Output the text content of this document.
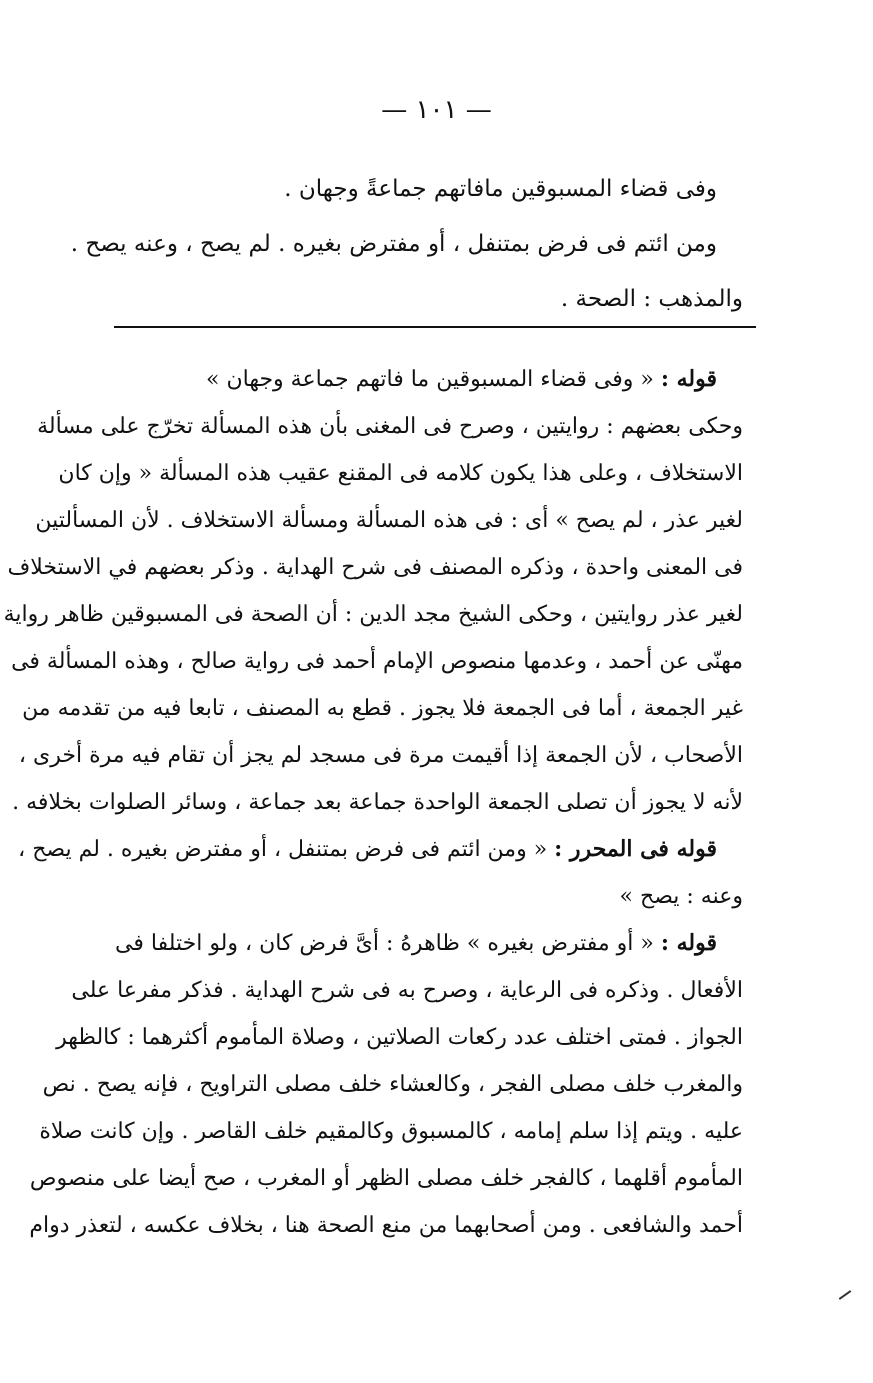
— ١٠١ —
وفى قضاء المسبوقين مافاتهم جماعةً وجهان .
ومن ائتم فى فرض بمتنفل ، أو مفترض بغيره . لم يصح ، وعنه يصح .
والمذهب : الصحة .
قوله : « وفى قضاء المسبوقين ما فاتهم جماعة وجهان »
وحكى بعضهم : روايتين ، وصرح فى المغنى بأن هذه المسألة تخرّج على مسألة
الاستخلاف ، وعلى هذا يكون كلامه فى المقنع عقيب هذه المسألة « وإن كان
لغير عذر ، لم يصح » أى : فى هذه المسألة ومسألة الاستخلاف . لأن المسألتين
فى المعنى واحدة ، وذكره المصنف فى شرح الهداية . وذكر بعضهم في الاستخلاف
لغير عذر روايتين ، وحكى الشيخ مجد الدين : أن الصحة فى المسبوقين ظاهر رواية
مهنّى عن أحمد ، وعدمها منصوص الإمام أحمد فى رواية صالح ، وهذه المسألة فى
غير الجمعة ، أما فى الجمعة فلا يجوز . قطع به المصنف ، تابعا فيه من تقدمه من
الأصحاب ، لأن الجمعة إذا أقيمت مرة فى مسجد لم يجز أن تقام فيه مرة أخرى ،
لأنه لا يجوز أن تصلى الجمعة الواحدة جماعة بعد جماعة ، وسائر الصلوات بخلافه .
قوله فى المحرر : « ومن ائتم فى فرض بمتنفل ، أو مفترض بغيره . لم يصح ،
وعنه : يصح »
قوله : « أو مفترض بغيره » ظاهرهُ : أىَّ فرض كان ، ولو اختلفا فى
الأفعال . وذكره فى الرعاية ، وصرح به فى شرح الهداية . فذكر مفرعا على
الجواز . فمتى اختلف عدد ركعات الصلاتين ، وصلاة المأموم أكثرهما : كالظهر
والمغرب خلف مصلى الفجر ، وكالعشاء خلف مصلى التراويح ، فإنه يصح . نص
عليه . ويتم إذا سلم إمامه ، كالمسبوق وكالمقيم خلف القاصر . وإن كانت صلاة
المأموم أقلهما ، كالفجر خلف مصلى الظهر أو المغرب ، صح أيضا على منصوص
أحمد والشافعى . ومن أصحابهما من منع الصحة هنا ، بخلاف عكسه ، لتعذر دوام
